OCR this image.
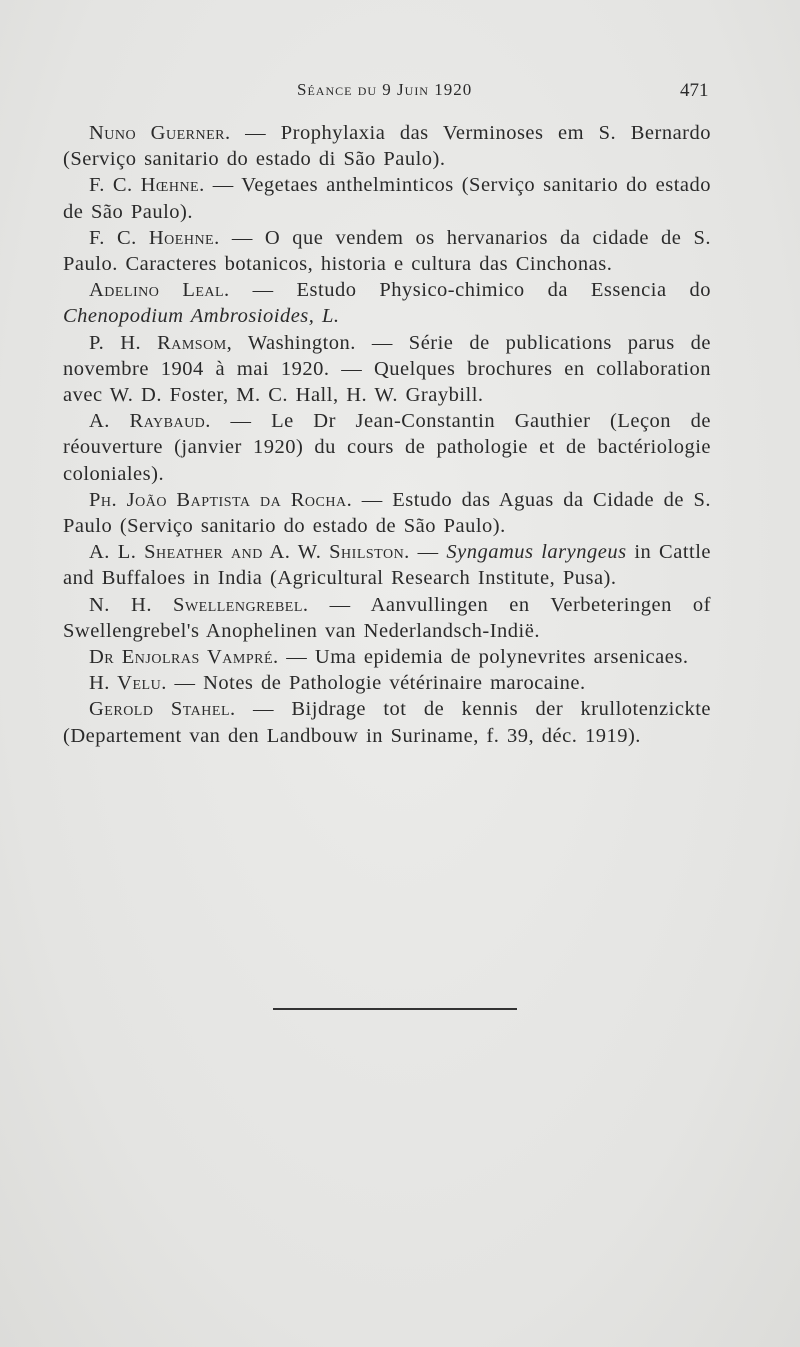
Séance du 9 Juin 1920	471

Nuno Guerner. — Prophylaxia das Verminoses em S. Bernardo (Serviço sanitario do estado di São Paulo).

F. C. Hœhne. — Vegetaes anthelminticos (Serviço sanitario do estado de São Paulo).

F. C. Hoehne. — O que vendem os hervanarios da cidade de S. Paulo. Caracteres botanicos, historia e cultura das Cinchonas.

Adelino Leal. — Estudo Physico-chimico da Essencia do Chenopodium Ambrosioides, L.

P. H. Ramsom, Washington. — Série de publications parus de novembre 1904 à mai 1920. — Quelques brochures en collaboration avec W. D. Foster, M. C. Hall, H. W. Graybill.

A. Raybaud. — Le Dr Jean-Constantin Gauthier (Leçon de réouverture (janvier 1920) du cours de pathologie et de bactériologie coloniales).

Ph. João Baptista da Rocha. — Estudo das Aguas da Cidade de S. Paulo (Serviço sanitario do estado de São Paulo).

A. L. Sheather and A. W. Shilston. — Syngamus laryngeus in Cattle and Buffaloes in India (Agricultural Research Institute, Pusa).

N. H. Swellengrebel. — Aanvullingen en Verbeteringen of Swellengrebel's Anophelinen van Nederlandsch-Indië.

Dr Enjolras Vampré. — Uma epidemia de polynevrites arsenicaes.

H. Velu. — Notes de Pathologie vétérinaire marocaine.

Gerold Stahel. — Bijdrage tot de kennis der krullotenzickte (Departement van den Landbouw in Suriname, f. 39, déc. 1919).
